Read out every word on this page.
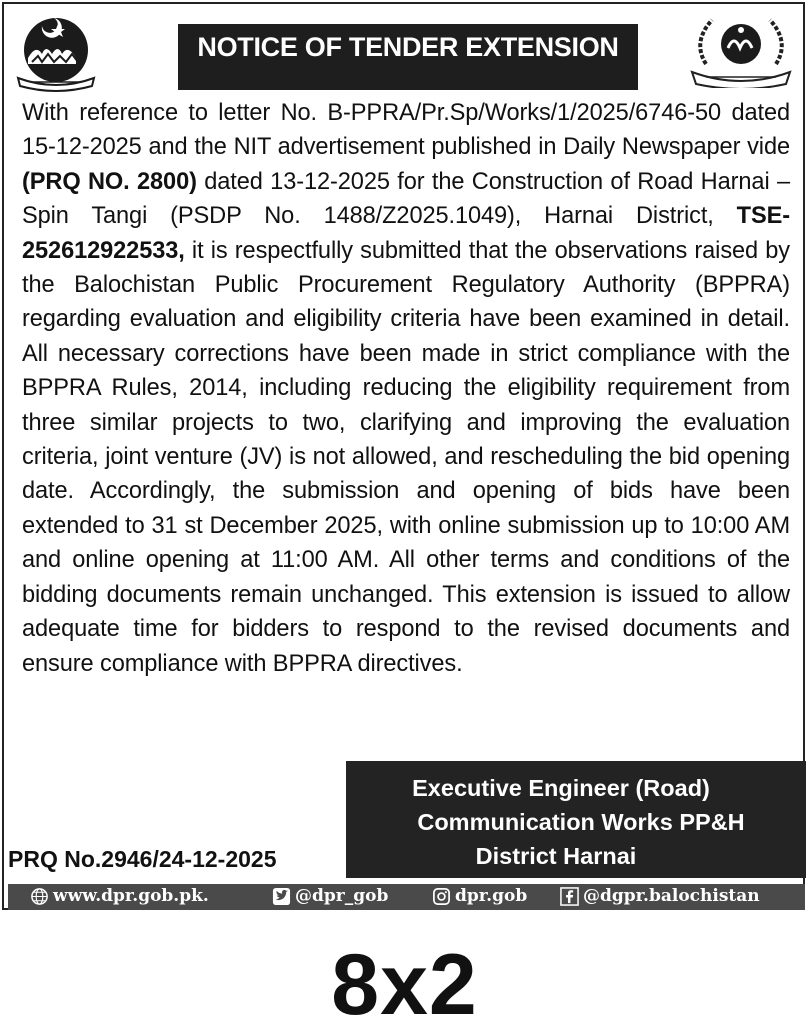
NOTICE OF TENDER EXTENSION
With reference to letter No. B-PPRA/Pr.Sp/Works/1/2025/6746-50 dated 15-12-2025 and the NIT advertisement published in Daily Newspaper vide (PRQ NO. 2800) dated 13-12-2025 for the Construction of Road Harnai – Spin Tangi (PSDP No. 1488/Z2025.1049), Harnai District, TSE- 252612922533, it is respectfully submitted that the observations raised by the Balochistan Public Procurement Regulatory Authority (BPPRA) regarding evaluation and eligibility criteria have been examined in detail. All necessary corrections have been made in strict compliance with the BPPRA Rules, 2014, including reducing the eligibility requirement from three similar projects to two, clarifying and improving the evaluation criteria, joint venture (JV) is not allowed, and rescheduling the bid opening date. Accordingly, the submission and opening of bids have been extended to 31 st December 2025, with online submission up to 10:00 AM and online opening at 11:00 AM. All other terms and conditions of the bidding documents remain unchanged. This extension is issued to allow adequate time for bidders to respond to the revised documents and ensure compliance with BPPRA directives.
Executive Engineer (Road)
Communication Works PP&H
District Harnai
PRQ No.2946/24-12-2025
www.dpr.gob.pk.	@dpr_gob	dpr.gob	@dgpr.balochistan
8x2
